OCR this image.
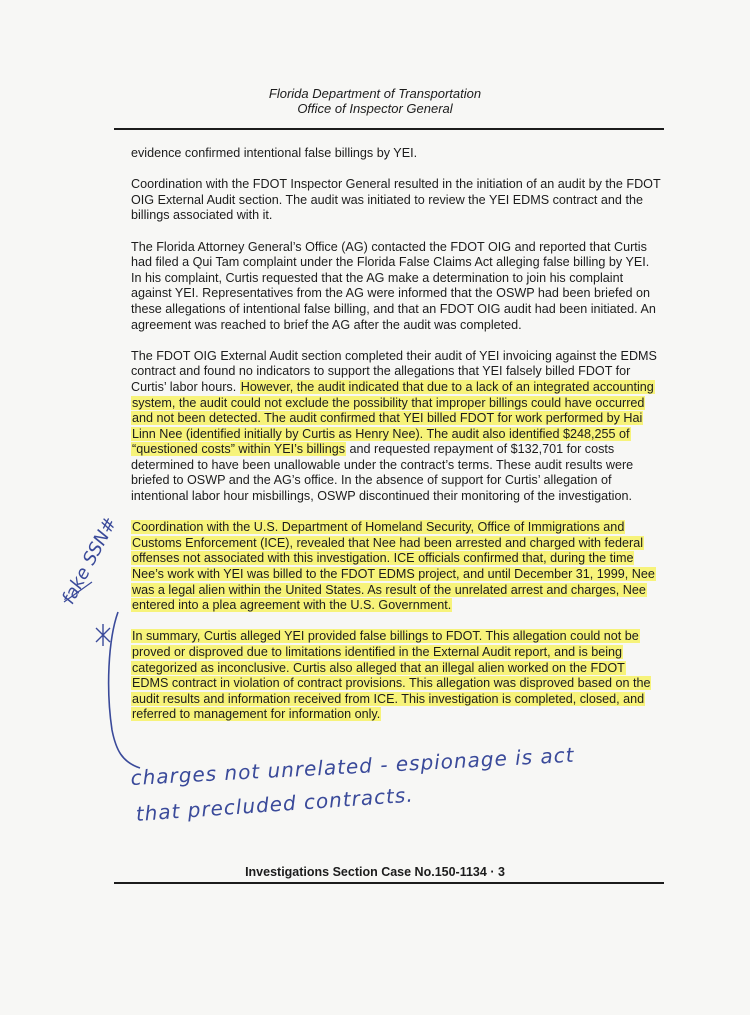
Florida Department of Transportation
Office of Inspector General

evidence confirmed intentional false billings by YEI.

Coordination with the FDOT Inspector General resulted in the initiation of an audit by the FDOT OIG External Audit section. The audit was initiated to review the YEI EDMS contract and the billings associated with it.

The Florida Attorney General’s Office (AG) contacted the FDOT OIG and reported that Curtis had filed a Qui Tam complaint under the Florida False Claims Act alleging false billing by YEI. In his complaint, Curtis requested that the AG make a determination to join his complaint against YEI. Representatives from the AG were informed that the OSWP had been briefed on these allegations of intentional false billing, and that an FDOT OIG audit had been initiated. An agreement was reached to brief the AG after the audit was completed.

The FDOT OIG External Audit section completed their audit of YEI invoicing against the EDMS contract and found no indicators to support the allegations that YEI falsely billed FDOT for Curtis’ labor hours. However, the audit indicated that due to a lack of an integrated accounting system, the audit could not exclude the possibility that improper billings could have occurred and not been detected. The audit confirmed that YEI billed FDOT for work performed by Hai Linn Nee (identified initially by Curtis as Henry Nee). The audit also identified $248,255 of “questioned costs” within YEI’s billings and requested repayment of $132,701 for costs determined to have been unallowable under the contract’s terms. These audit results were briefed to OSWP and the AG’s office. In the absence of support for Curtis’ allegation of intentional labor hour misbillings, OSWP discontinued their monitoring of the investigation.

Coordination with the U.S. Department of Homeland Security, Office of Immigrations and Customs Enforcement (ICE), revealed that Nee had been arrested and charged with federal offenses not associated with this investigation. ICE officials confirmed that, during the time Nee’s work with YEI was billed to the FDOT EDMS project, and until December 31, 1999, Nee was a legal alien within the United States. As result of the unrelated arrest and charges, Nee entered into a plea agreement with the U.S. Government.

In summary, Curtis alleged YEI provided false billings to FDOT. This allegation could not be proved or disproved due to limitations identified in the External Audit report, and is being categorized as inconclusive. Curtis also alleged that an illegal alien worked on the FDOT EDMS contract in violation of contract provisions. This allegation was disproved based on the audit results and information received from ICE. This investigation is completed, closed, and referred to management for information only.

fake SSN#
charges not unrelated - espionage is act
that precluded contracts.
Investigations Section Case No.150-1134 · 3
